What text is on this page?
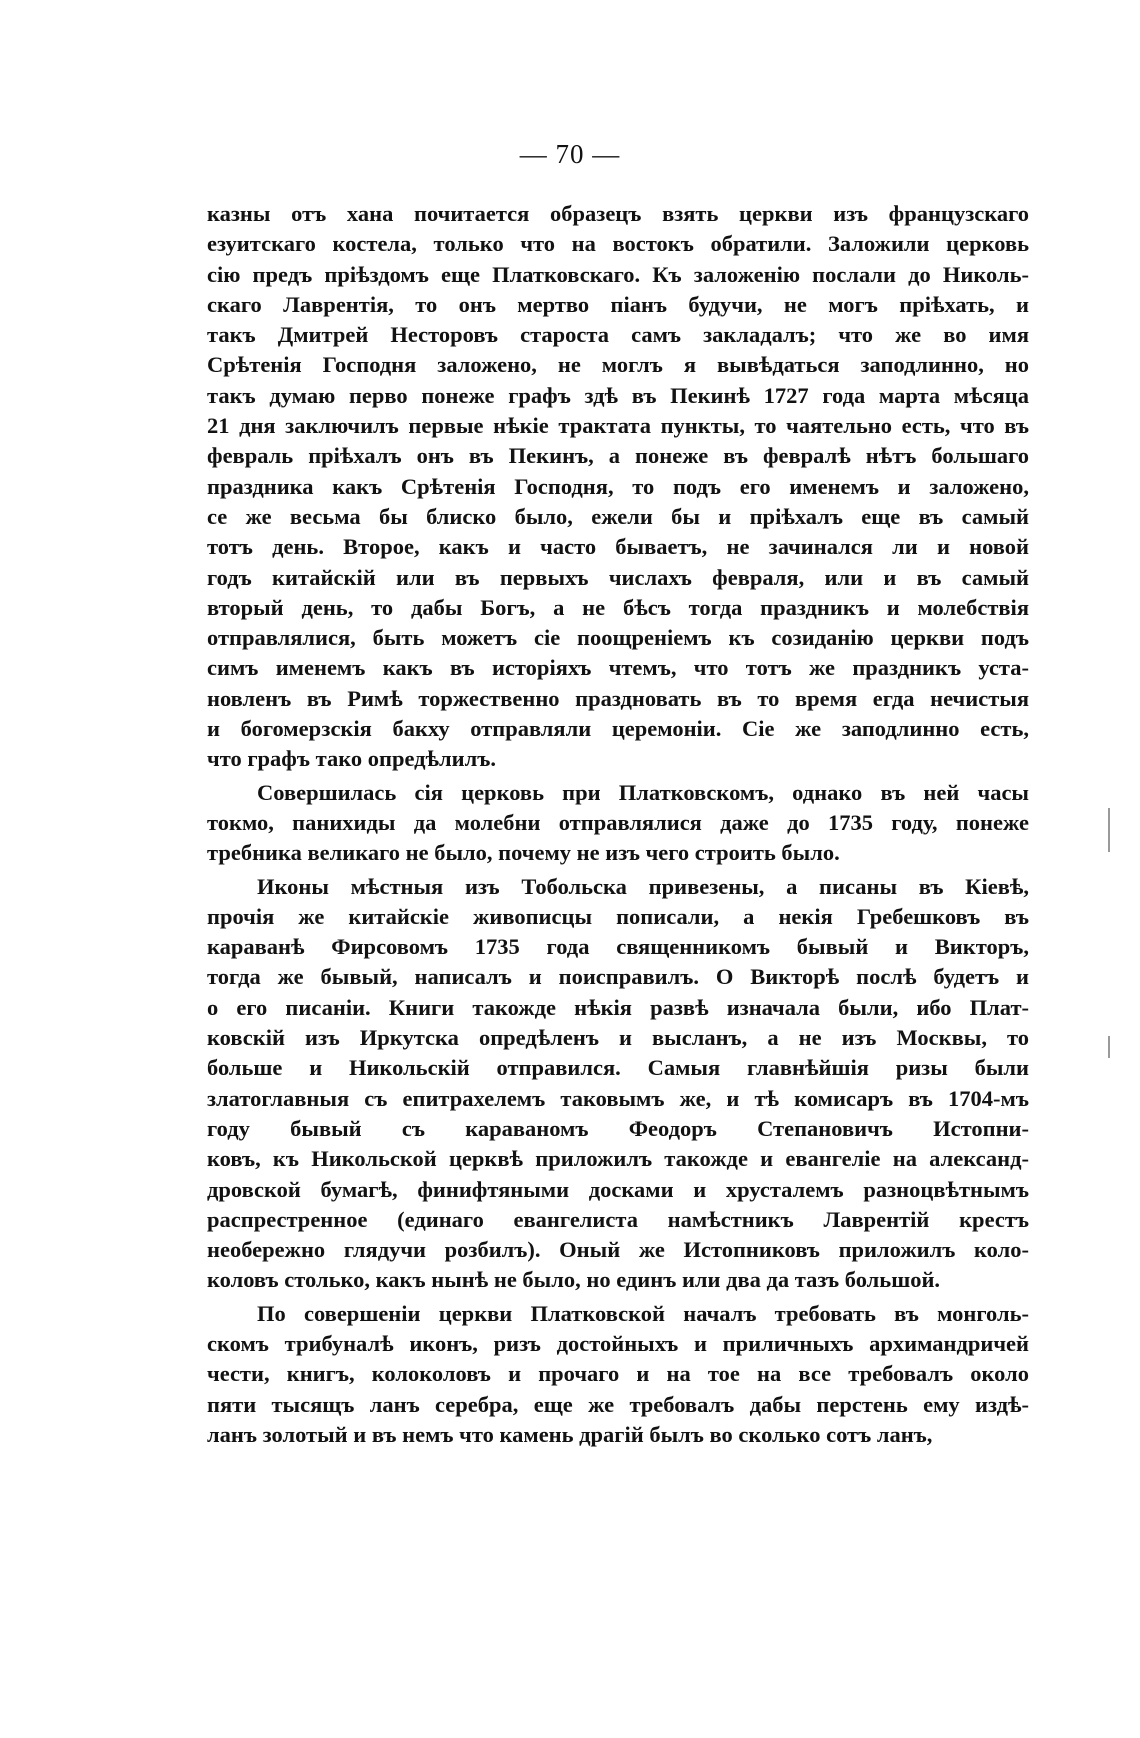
— 70 —
казны отъ хана почитается образецъ взять церкви изъ французскаго
езуитскаго костела, только что на востокъ обратили. Заложили церковь
сію предъ пріѣздомъ еще Платковскаго. Къ заложенію послали до Николь-
скаго Лаврентія, то онъ мертво піанъ будучи, не могъ пріѣхать, и
такъ Дмитрей Несторовъ староста самъ закладалъ; что же во имя
Срѣтенія Господня заложено, не моглъ я вывѣдаться заподлинно, но
такъ думаю перво понеже графъ здѣ въ Пекинѣ 1727 года марта мѣсяца
21 дня заключилъ первые нѣкіе трактата пункты, то чаятельно есть, что въ
февраль пріѣхалъ онъ въ Пекинъ, а понеже въ февралѣ нѣтъ большаго
праздника какъ Срѣтенія Господня, то подъ его именемъ и заложено,
се же весьма бы блиско было, ежели бы и пріѣхалъ еще въ самый
тотъ день. Второе, какъ и часто бываетъ, не зачинался ли и новой
годъ китайскій или въ первыхъ числахъ февраля, или и въ самый
вторый день, то дабы Богъ, а не бѣсъ тогда праздникъ и молебствія
отправлялися, быть можетъ сіе поощреніемъ къ созиданію церкви подъ
симъ именемъ какъ въ исторіяхъ чтемъ, что тотъ же праздникъ уста-
новленъ въ Римѣ торжественно праздновать въ то время егда нечистыя
и богомерзскія бакху отправляли церемоніи. Сіе же заподлинно есть,
что графъ тако опредѣлилъ.
Совершилась сія церковь при Платковскомъ, однако въ ней часы
токмо, панихиды да молебни отправлялися даже до 1735 году, понеже
требника великаго не было, почему не изъ чего строить было.
Иконы мѣстныя изъ Тобольска привезены, а писаны въ Кіевѣ,
прочія же китайскіе живописцы пописали, а некія Гребешковъ въ
караванѣ Фирсовомъ 1735 года священникомъ бывый и Викторъ,
тогда же бывый, написалъ и поисправилъ. О Викторѣ послѣ будетъ и
о его писаніи. Книги такожде нѣкія развѣ изначала были, ибо Плат-
ковскій изъ Иркутска опредѣленъ и высланъ, а не изъ Москвы, то
больше и Никольскій отправился. Самыя главнѣйшія ризы были
златоглавныя съ епитрахелемъ таковымъ же, и тѣ комисаръ въ 1704-мъ
году бывый съ караваномъ Феодоръ Степановичъ Истопни-
ковъ, къ Никольской церквѣ приложилъ такожде и евангеліе на александ-
дровской бумагѣ, финифтяными досками и хрусталемъ разноцвѣтнымъ
распрестренное (единаго евангелиста намѣстникъ Лаврентій крестъ
необережно глядучи розбилъ). Оный же Истопниковъ приложилъ коло-
коловъ столько, какъ нынѣ не было, но единъ или два да тазъ большой.
По совершеніи церкви Платковской началъ требовать въ монголь-
скомъ трибуналѣ иконъ, ризъ достойныхъ и приличныхъ архимандричей
чести, книгъ, колоколовъ и прочаго и на тое на все требовалъ около
пяти тысящъ ланъ серебра, еще же требовалъ дабы перстень ему издѣ-
ланъ золотый и въ немъ что камень драгій былъ во сколько сотъ ланъ,
